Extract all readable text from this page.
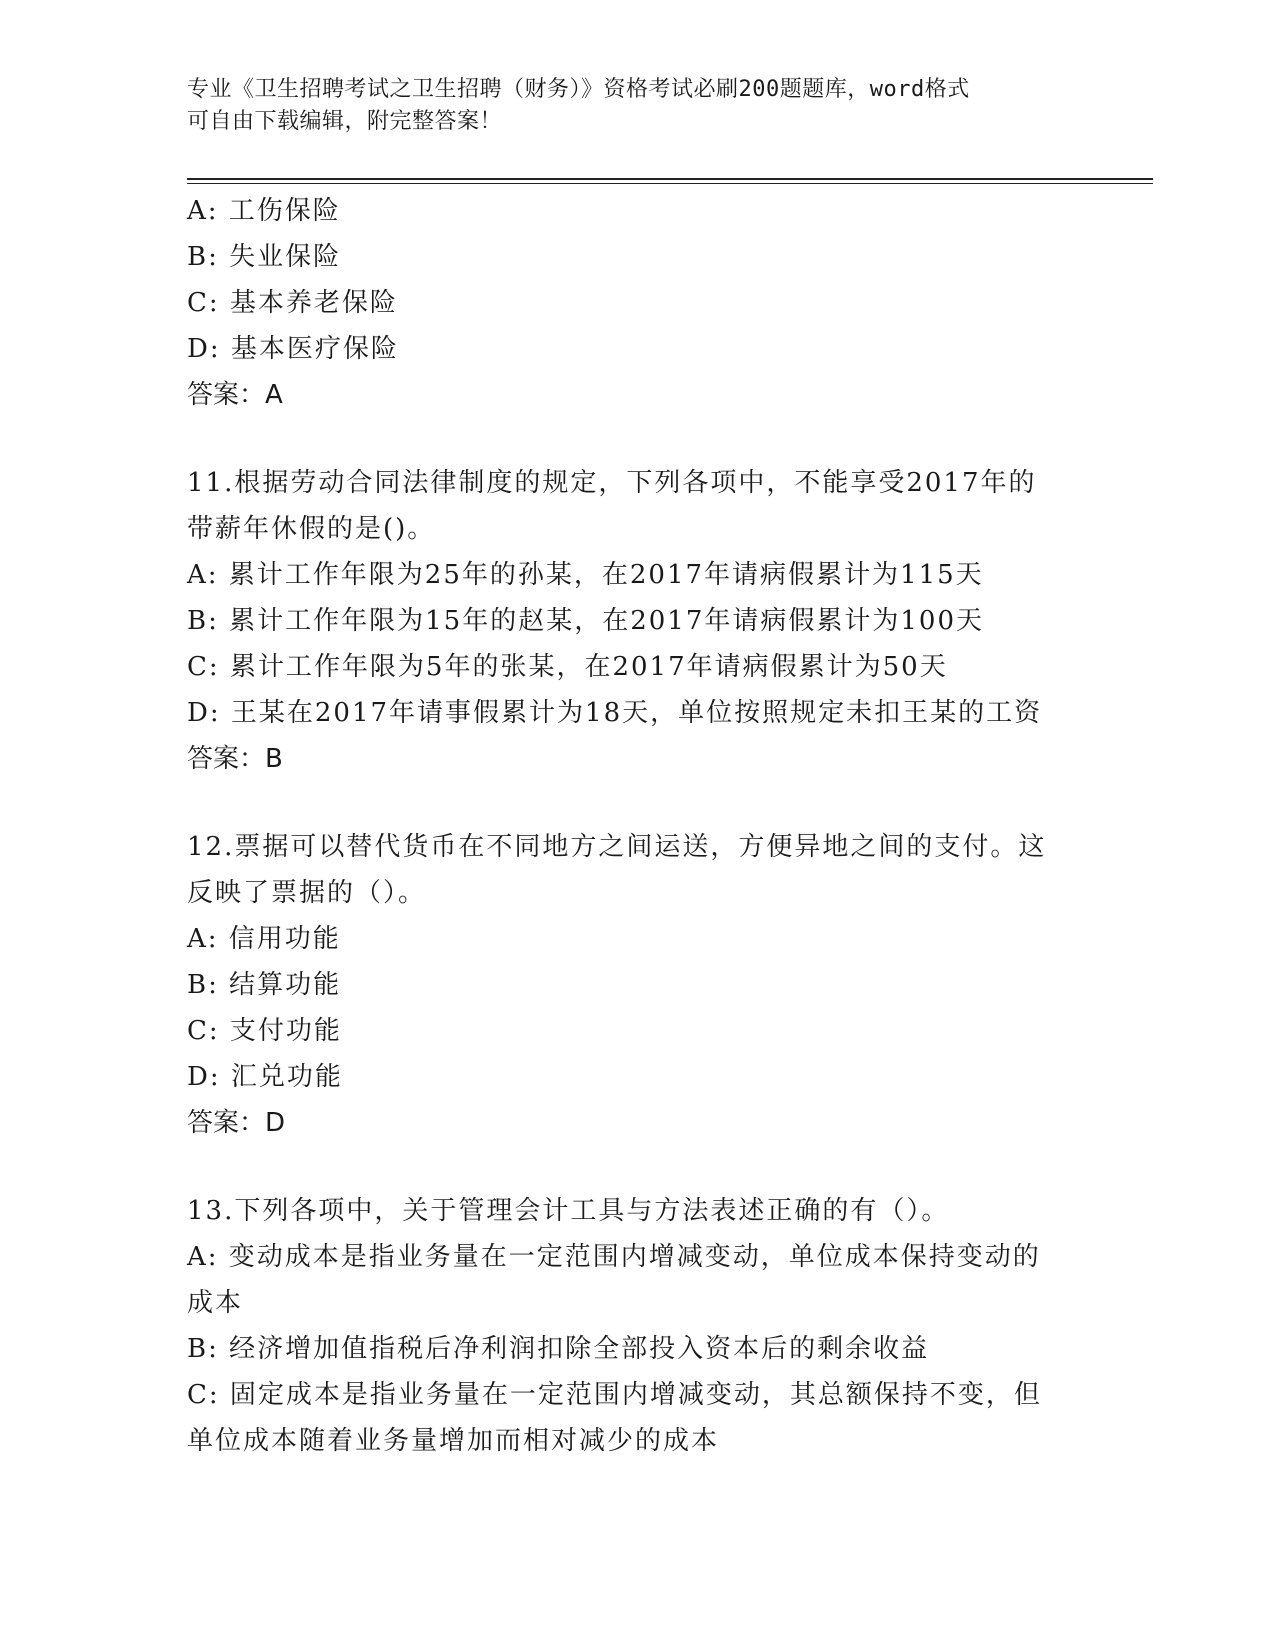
专业《卫生招聘考试之卫生招聘（财务）》资格考试必刷200题题库，word格式
可自由下载编辑，附完整答案！
A: 工伤保险
B: 失业保险
C: 基本养老保险
D: 基本医疗保险
答案：A
11.根据劳动合同法律制度的规定，下列各项中，不能享受2017年的
带薪年休假的是()。
A: 累计工作年限为25年的孙某，在2017年请病假累计为115天
B: 累计工作年限为15年的赵某，在2017年请病假累计为100天
C: 累计工作年限为5年的张某，在2017年请病假累计为50天
D: 王某在2017年请事假累计为18天，单位按照规定未扣王某的工资
答案：B
12.票据可以替代货币在不同地方之间运送，方便异地之间的支付。这
反映了票据的（）。
A: 信用功能
B: 结算功能
C: 支付功能
D: 汇兑功能
答案：D
13.下列各项中，关于管理会计工具与方法表述正确的有（）。
A: 变动成本是指业务量在一定范围内增减变动，单位成本保持变动的
成本
B: 经济增加值指税后净利润扣除全部投入资本后的剩余收益
C: 固定成本是指业务量在一定范围内增减变动，其总额保持不变，但
单位成本随着业务量增加而相对减少的成本
